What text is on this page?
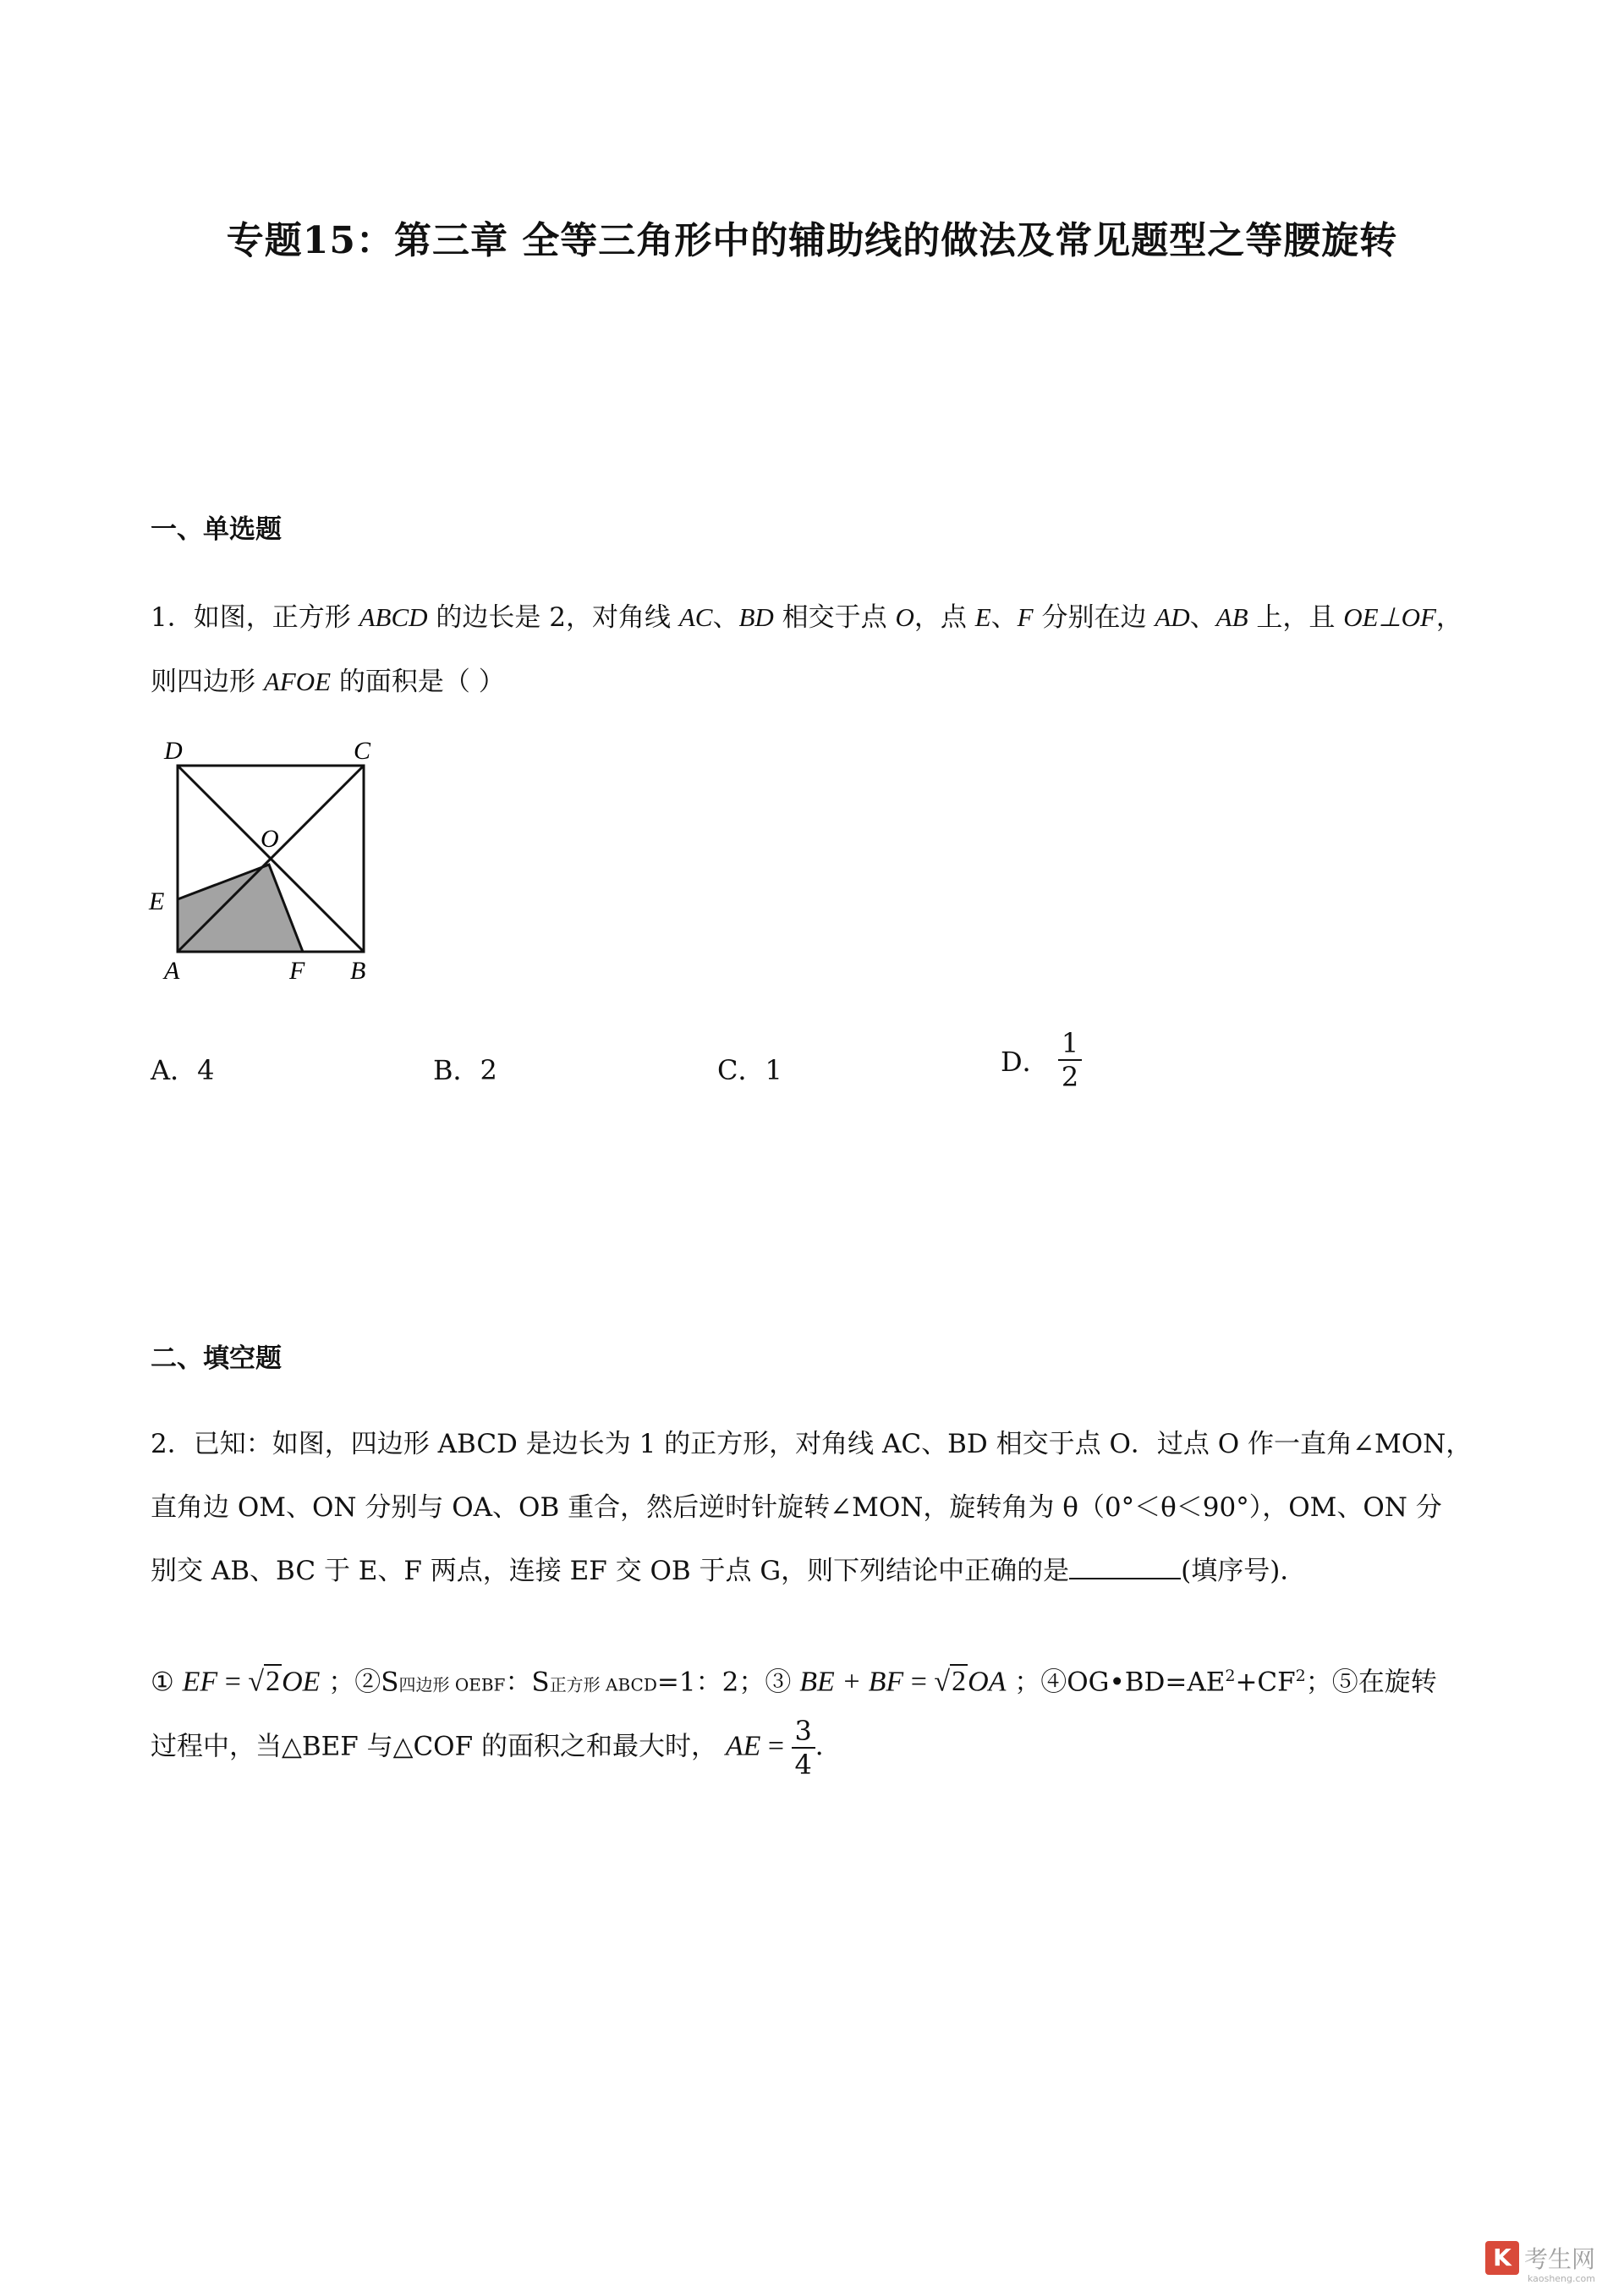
专题15：第三章 全等三角形中的辅助线的做法及常见题型之等腰旋转
一、单选题
1．如图，正方形 ABCD 的边长是 2，对角线 AC、BD 相交于点 O，点 E、F 分别在边 AD、AB 上，且 OE⊥OF，
则四边形 AFOE 的面积是（ ）
D	C
O
E
A	F B
A．4	B．2	C．1	D． $\frac{1}{2}$
二、填空题
2．已知：如图，四边形 ABCD 是边长为 1 的正方形，对角线 AC、BD 相交于点 O．过点 O 作一直角∠MON，
直角边 OM、ON 分别与 OA、OB 重合，然后逆时针旋转∠MON，旋转角为 θ（0°＜θ＜90°），OM、ON 分
别交 AB、BC 于 E、F 两点，连接 EF 交 OB 于点 G，则下列结论中正确的是	(填序号)．
① EF = √2OE ；②S四边形 OEBF：S正方形 ABCD=1：2；③ BE + BF = √2OA ；$④OG•BD=AE^2+CF^2$；⑤在旋转
过程中，当△BEF 与△COF 的面积之和最大时， AE = $\frac{3}{4}$ ．
K 考生网
kaosheng.com
